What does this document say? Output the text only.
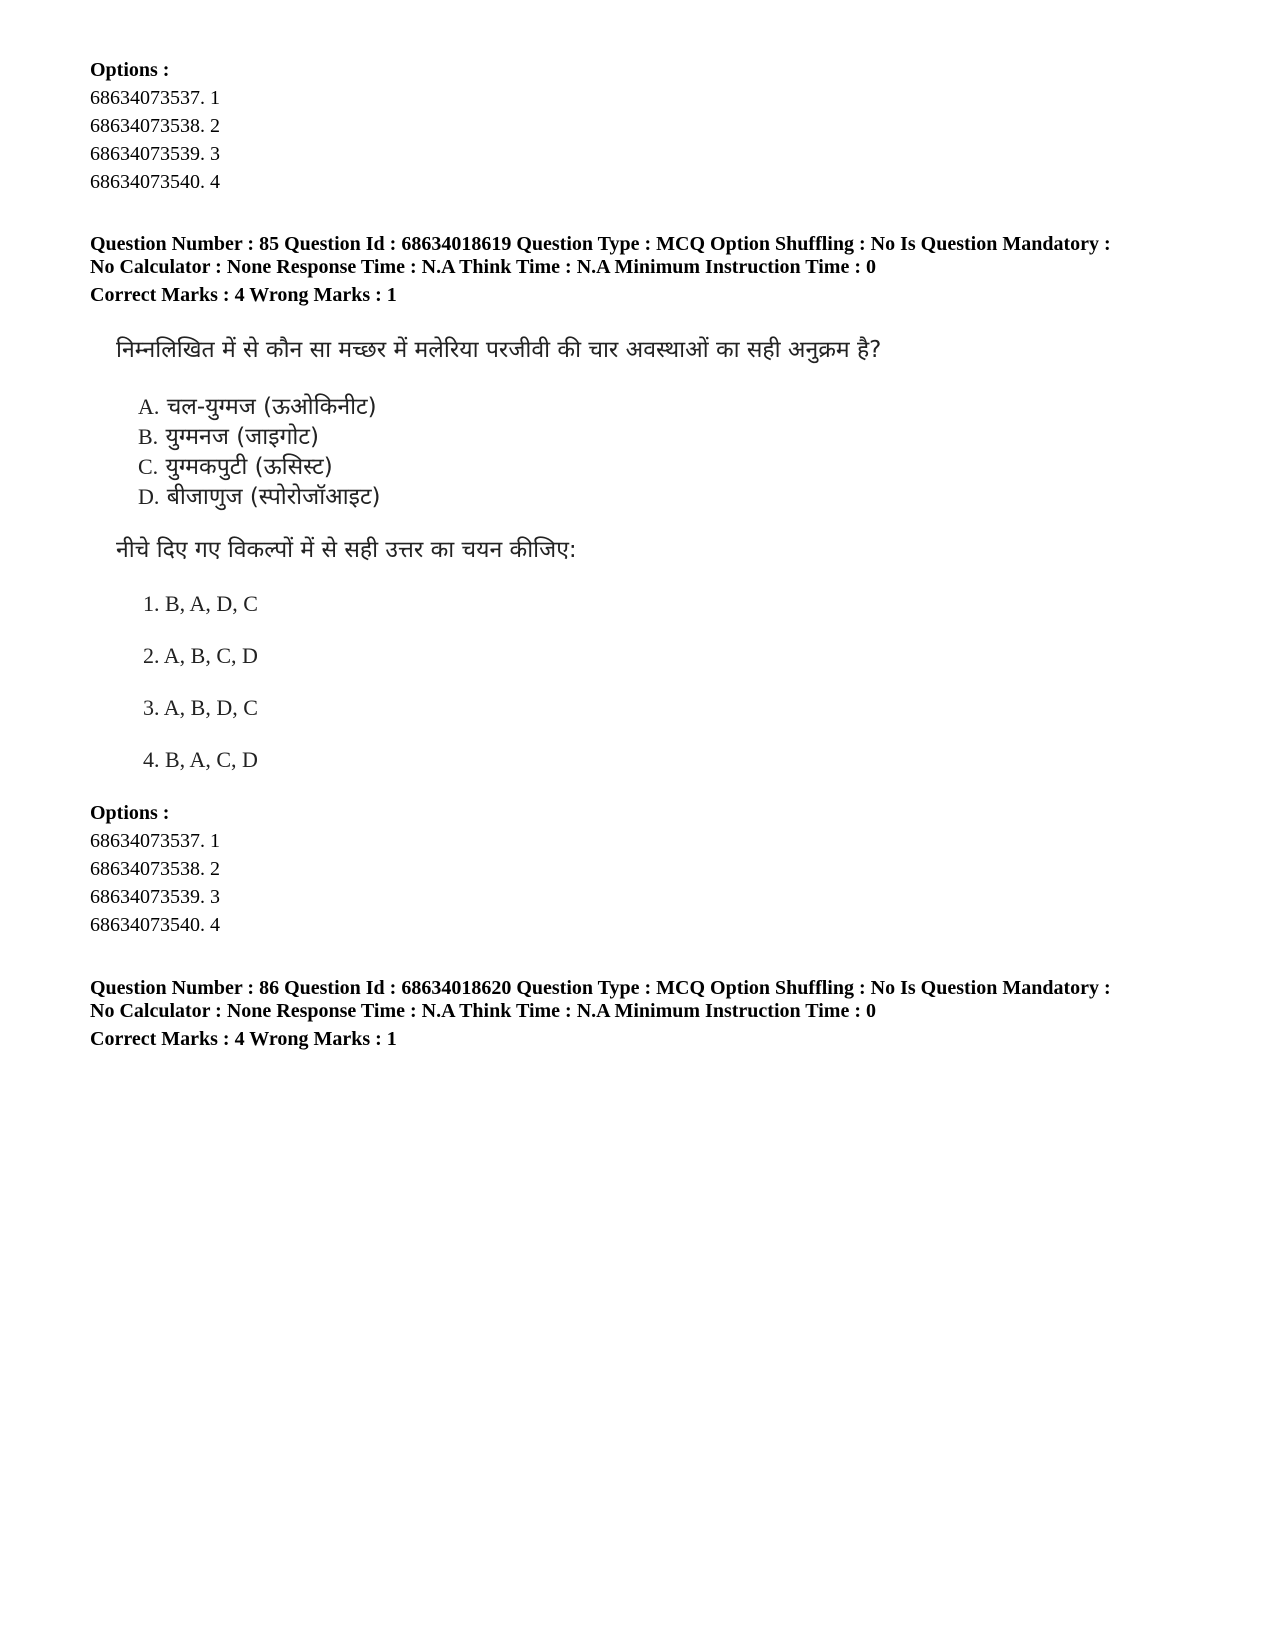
Options :
68634073537. 1
68634073538. 2
68634073539. 3
68634073540. 4
Question Number : 85 Question Id : 68634018619 Question Type : MCQ Option Shuffling : No Is Question Mandatory :
No Calculator : None Response Time : N.A Think Time : N.A Minimum Instruction Time : 0
Correct Marks : 4 Wrong Marks : 1
निम्नलिखित में से कौन सा मच्छर में मलेरिया परजीवी की चार अवस्थाओं का सही अनुक्रम है?
A. चल-युग्मज (ऊओकिनीट)
B. युग्मनज (जाइगोट)
C. युग्मकपुटी (ऊसिस्ट)
D. बीजाणुज (स्पोरोजॉआइट)
नीचे दिए गए विकल्पों में से सही उत्तर का चयन कीजिए:
1. B, A, D, C
2. A, B, C, D
3. A, B, D, C
4. B, A, C, D
Options :
68634073537. 1
68634073538. 2
68634073539. 3
68634073540. 4
Question Number : 86 Question Id : 68634018620 Question Type : MCQ Option Shuffling : No Is Question Mandatory :
No Calculator : None Response Time : N.A Think Time : N.A Minimum Instruction Time : 0
Correct Marks : 4 Wrong Marks : 1
